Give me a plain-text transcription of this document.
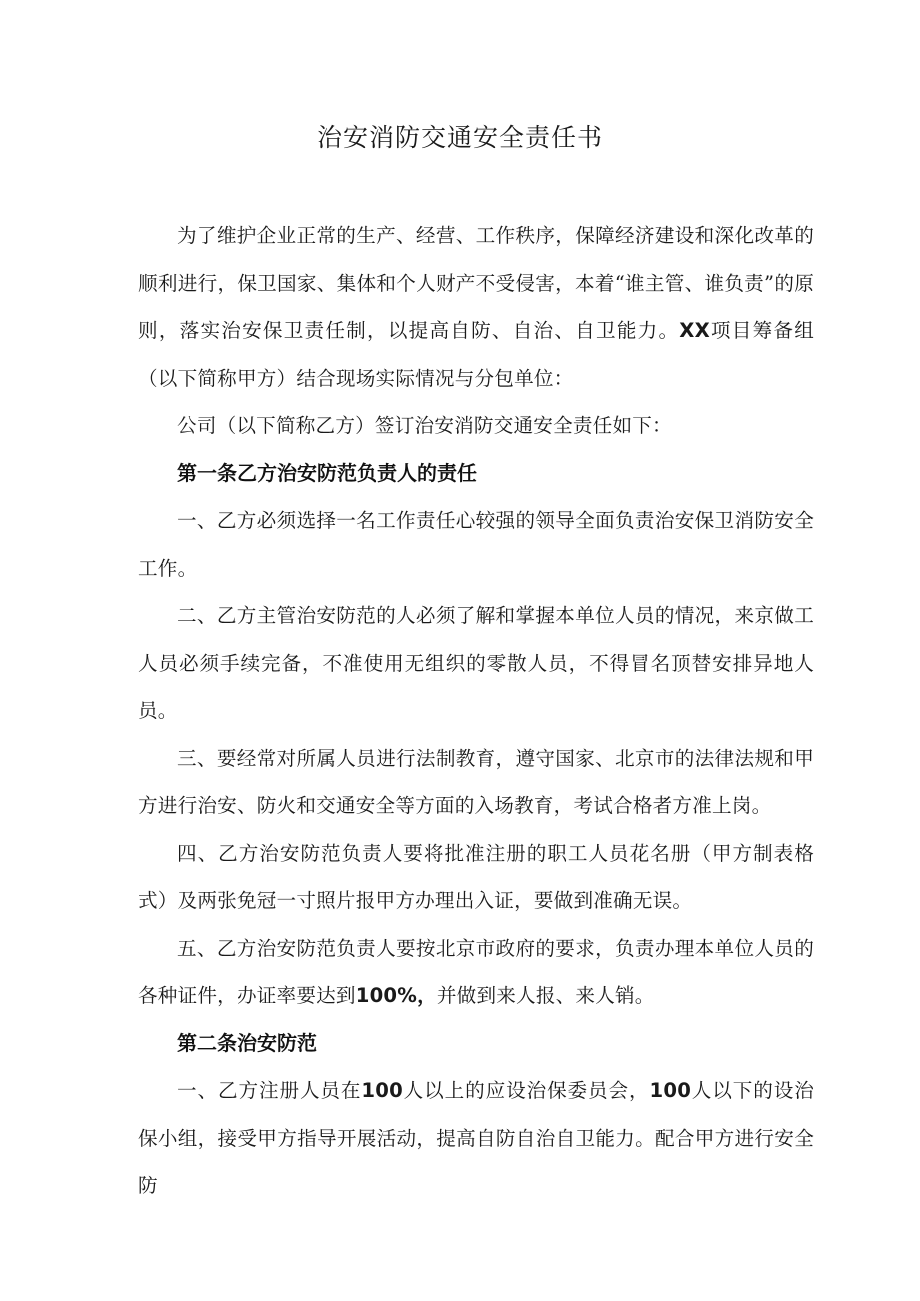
治安消防交通安全责任书

为了维护企业正常的生产、经营、工作秩序，保障经济建设和深化改革的顺利进行，保卫国家、集体和个人财产不受侵害，本着“谁主管、谁负责”的原则，落实治安保卫责任制，以提高自防、自治、自卫能力。XX项目筹备组（以下简称甲方）结合现场实际情况与分包单位：

公司（以下简称乙方）签订治安消防交通安全责任如下：

第一条乙方治安防范负责人的责任

一、乙方必须选择一名工作责任心较强的领导全面负责治安保卫消防安全工作。

二、乙方主管治安防范的人必须了解和掌握本单位人员的情况，来京做工人员必须手续完备，不准使用无组织的零散人员，不得冒名顶替安排异地人员。

三、要经常对所属人员进行法制教育，遵守国家、北京市的法律法规和甲方进行治安、防火和交通安全等方面的入场教育，考试合格者方准上岗。

四、乙方治安防范负责人要将批准注册的职工人员花名册（甲方制表格式）及两张免冠一寸照片报甲方办理出入证，要做到准确无误。

五、乙方治安防范负责人要按北京市政府的要求，负责办理本单位人员的各种证件，办证率要达到100%，并做到来人报、来人销。

第二条治安防范

一、乙方注册人员在100人以上的应设治保委员会，100人以下的设治保小组，接受甲方指导开展活动，提高自防自治自卫能力。配合甲方进行安全防
